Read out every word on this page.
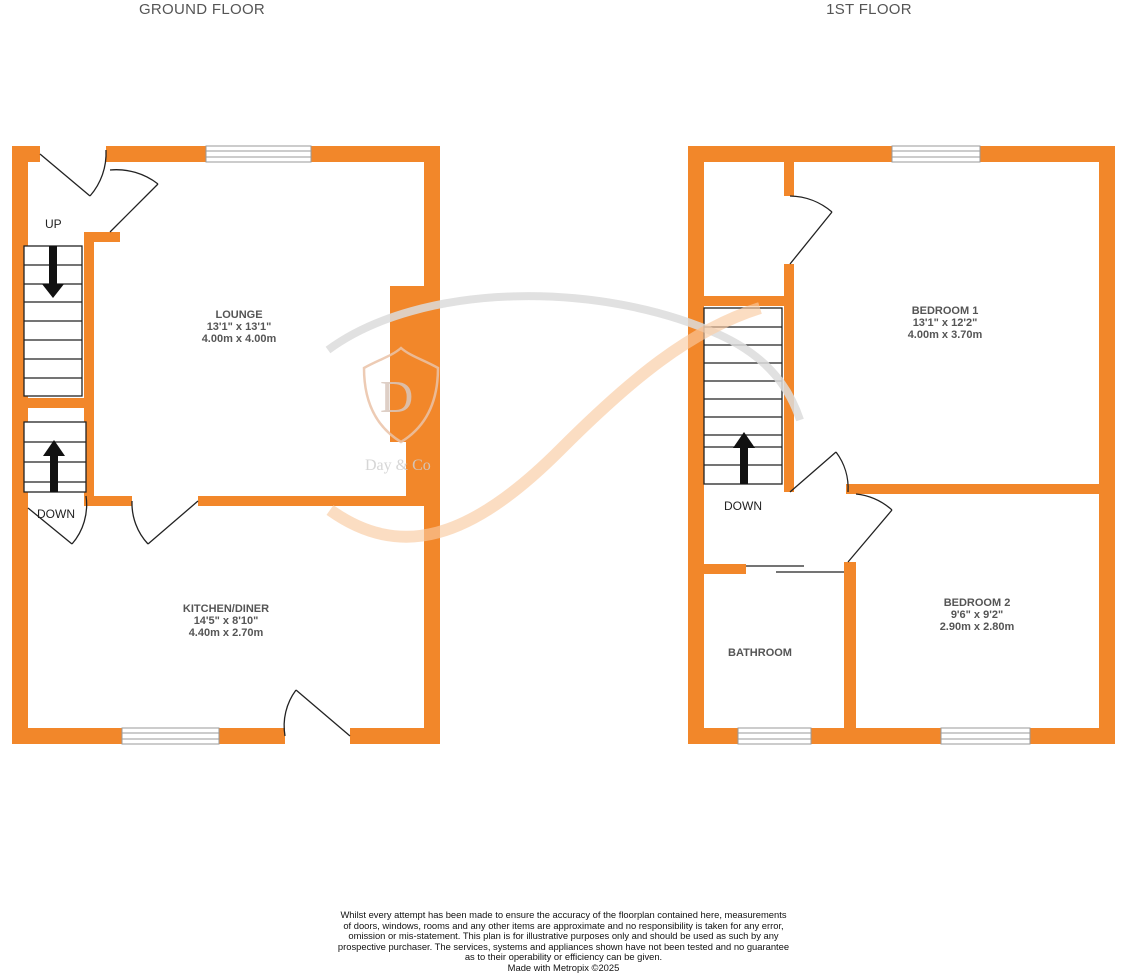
GROUND FLOOR	1ST FLOOR
UP
DOWN
DOWN
D
Day & Co
LOUNGE
13'1" x 13'1"
4.00m x 4.00m
KITCHEN/DINER
14'5" x 8'10"
4.40m x 2.70m
BEDROOM 1
13'1" x 12'2"
4.00m x 3.70m
BEDROOM 2
9'6" x 9'2"
2.90m x 2.80m
BATHROOM
Whilst every attempt has been made to ensure the accuracy of the floorplan contained here, measurements
of doors, windows, rooms and any other items are approximate and no responsibility is taken for any error,
omission or mis-statement. This plan is for illustrative purposes only and should be used as such by any
prospective purchaser. The services, systems and appliances shown have not been tested and no guarantee
as to their operability or efficiency can be given.
Made with Metropix ©2025
